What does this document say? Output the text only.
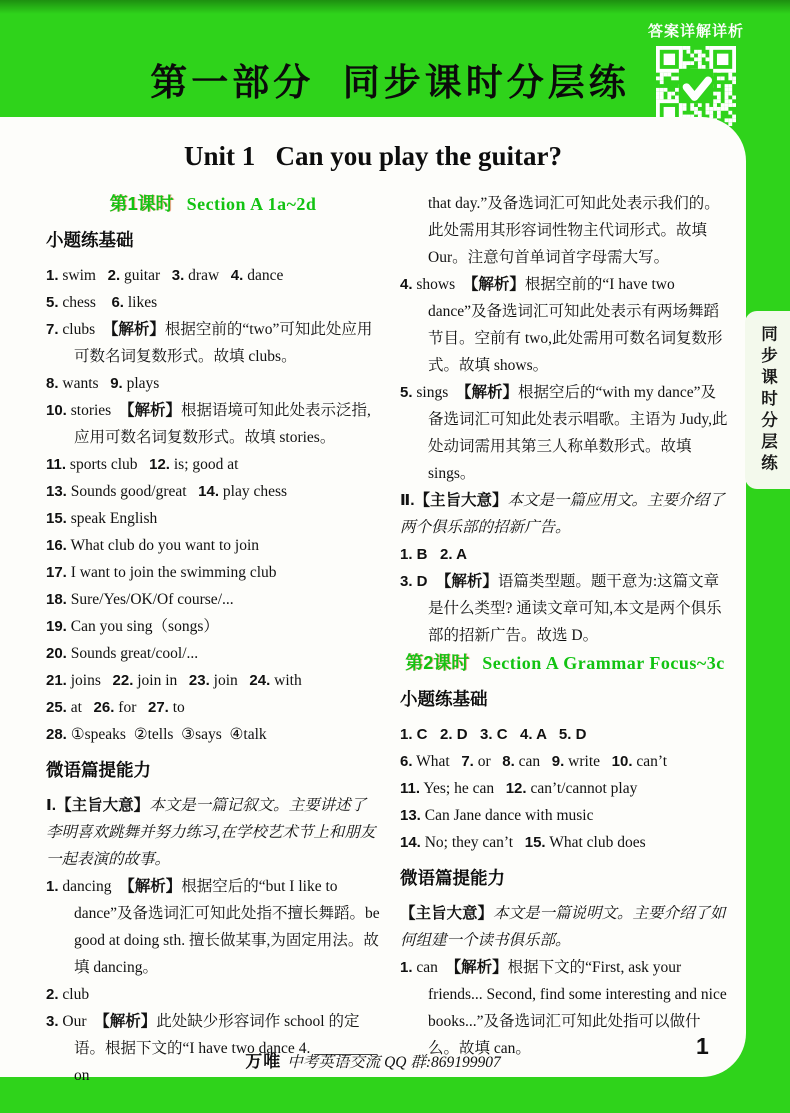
第一部分  同步课时分层练
答案详解详析
Unit 1   Can you play the guitar?
第1课时 Section A 1a~2d
小题练基础

1. swim   2. guitar   3. draw   4. dance

5. chess    6. likes

7. clubs  【解析】根据空前的“two”可知此处应用可数名词复数形式。故填 clubs。

8. wants   9. plays

10. stories  【解析】根据语境可知此处表示泛指,应用可数名词复数形式。故填 stories。

11. sports club   12. is; good at

13. Sounds good/great   14. play chess

15. speak English

16. What club do you want to join

17. I want to join the swimming club

18. Sure/Yes/OK/Of course/...

19. Can you sing（songs）

20. Sounds great/cool/...

21. joins   22. join in   23. join   24. with

25. at   26. for   27. to

28. ①speaks  ②tells  ③says  ④talk

微语篇提能力

Ⅰ.【主旨大意】本文是一篇记叙文。主要讲述了李明喜欢跳舞并努力练习,在学校艺术节上和朋友一起表演的故事。

1. dancing  【解析】根据空后的“but I like to dance”及备选词汇可知此处指不擅长舞蹈。be good at doing sth. 擅长做某事,为固定用法。故填 dancing。

2. club

3. Our  【解析】此处缺少形容词作 school 的定语。根据下文的“I have two dance 4. ________ on

that day.”及备选词汇可知此处表示我们的。此处需用其形容词性物主代词形式。故填 Our。注意句首单词首字母需大写。

4. shows  【解析】根据空前的“I have two dance”及备选词汇可知此处表示有两场舞蹈节目。空前有 two,此处需用可数名词复数形式。故填 shows。

5. sings  【解析】根据空后的“with my dance”及备选词汇可知此处表示唱歌。主语为 Judy,此处动词需用其第三人称单数形式。故填 sings。

Ⅱ.【主旨大意】本文是一篇应用文。主要介绍了两个俱乐部的招新广告。

1. B   2. A

3. D  【解析】语篇类型题。题干意为:这篇文章是什么类型? 通读文章可知,本文是两个俱乐部的招新广告。故选 D。

第2课时 Section A Grammar Focus~3c
小题练基础

1. C   2. D   3. C   4. A   5. D

6. What   7. or   8. can   9. write   10. can’t

11. Yes; he can   12. can’t/cannot play

13. Can Jane dance with music

14. No; they can’t   15. What club does

微语篇提能力

【主旨大意】本文是一篇说明文。主要介绍了如何组建一个读书俱乐部。

1. can  【解析】根据下文的“First, ask your friends... Second, find some interesting and nice books...”及备选词汇可知此处指可以做什么。故填 can。

万唯 中考英语交流 QQ 群:869199907
1
同步课时分层练
